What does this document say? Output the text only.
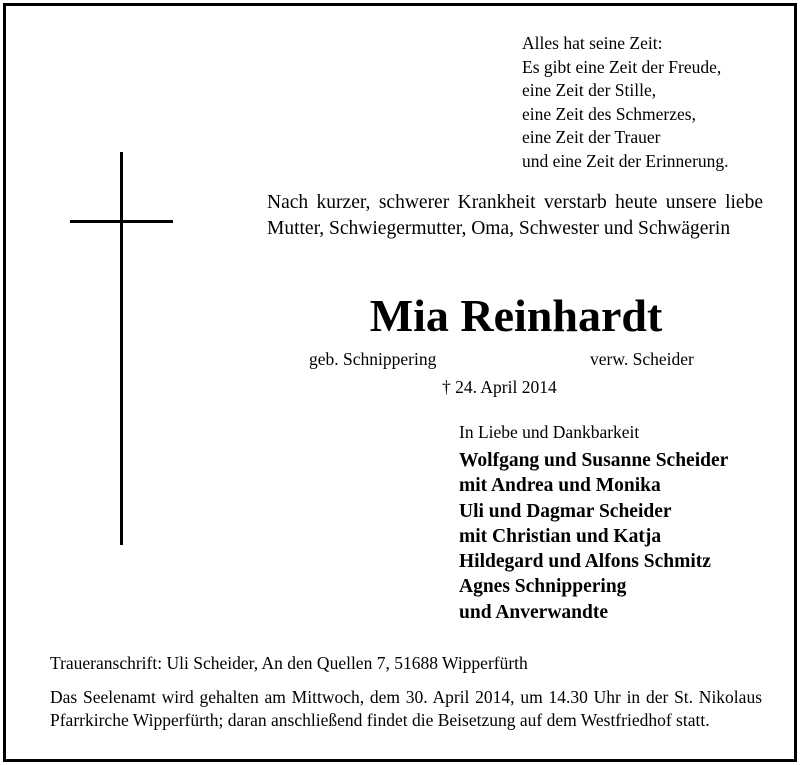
Alles hat seine Zeit:
Es gibt eine Zeit der Freude,
eine Zeit der Stille,
eine Zeit des Schmerzes,
eine Zeit der Trauer
und eine Zeit der Erinnerung.
Nach kurzer, schwerer Krankheit verstarb heute unsere liebe Mutter, Schwiegermutter, Oma, Schwester und Schwägerin
Mia Reinhardt
geb. Schnippering	verw. Scheider
† 24. April 2014
In Liebe und Dankbarkeit
Wolfgang und Susanne Scheider
mit Andrea und Monika
Uli und Dagmar Scheider
mit Christian und Katja
Hildegard und Alfons Schmitz
Agnes Schnippering
und Anverwandte
Traueranschrift: Uli Scheider, An den Quellen 7, 51688 Wipperfürth
Das Seelenamt wird gehalten am Mittwoch, dem 30. April 2014, um 14.30 Uhr in der St. Nikolaus Pfarrkirche Wipperfürth; daran anschließend findet die Beisetzung auf dem Westfriedhof statt.
